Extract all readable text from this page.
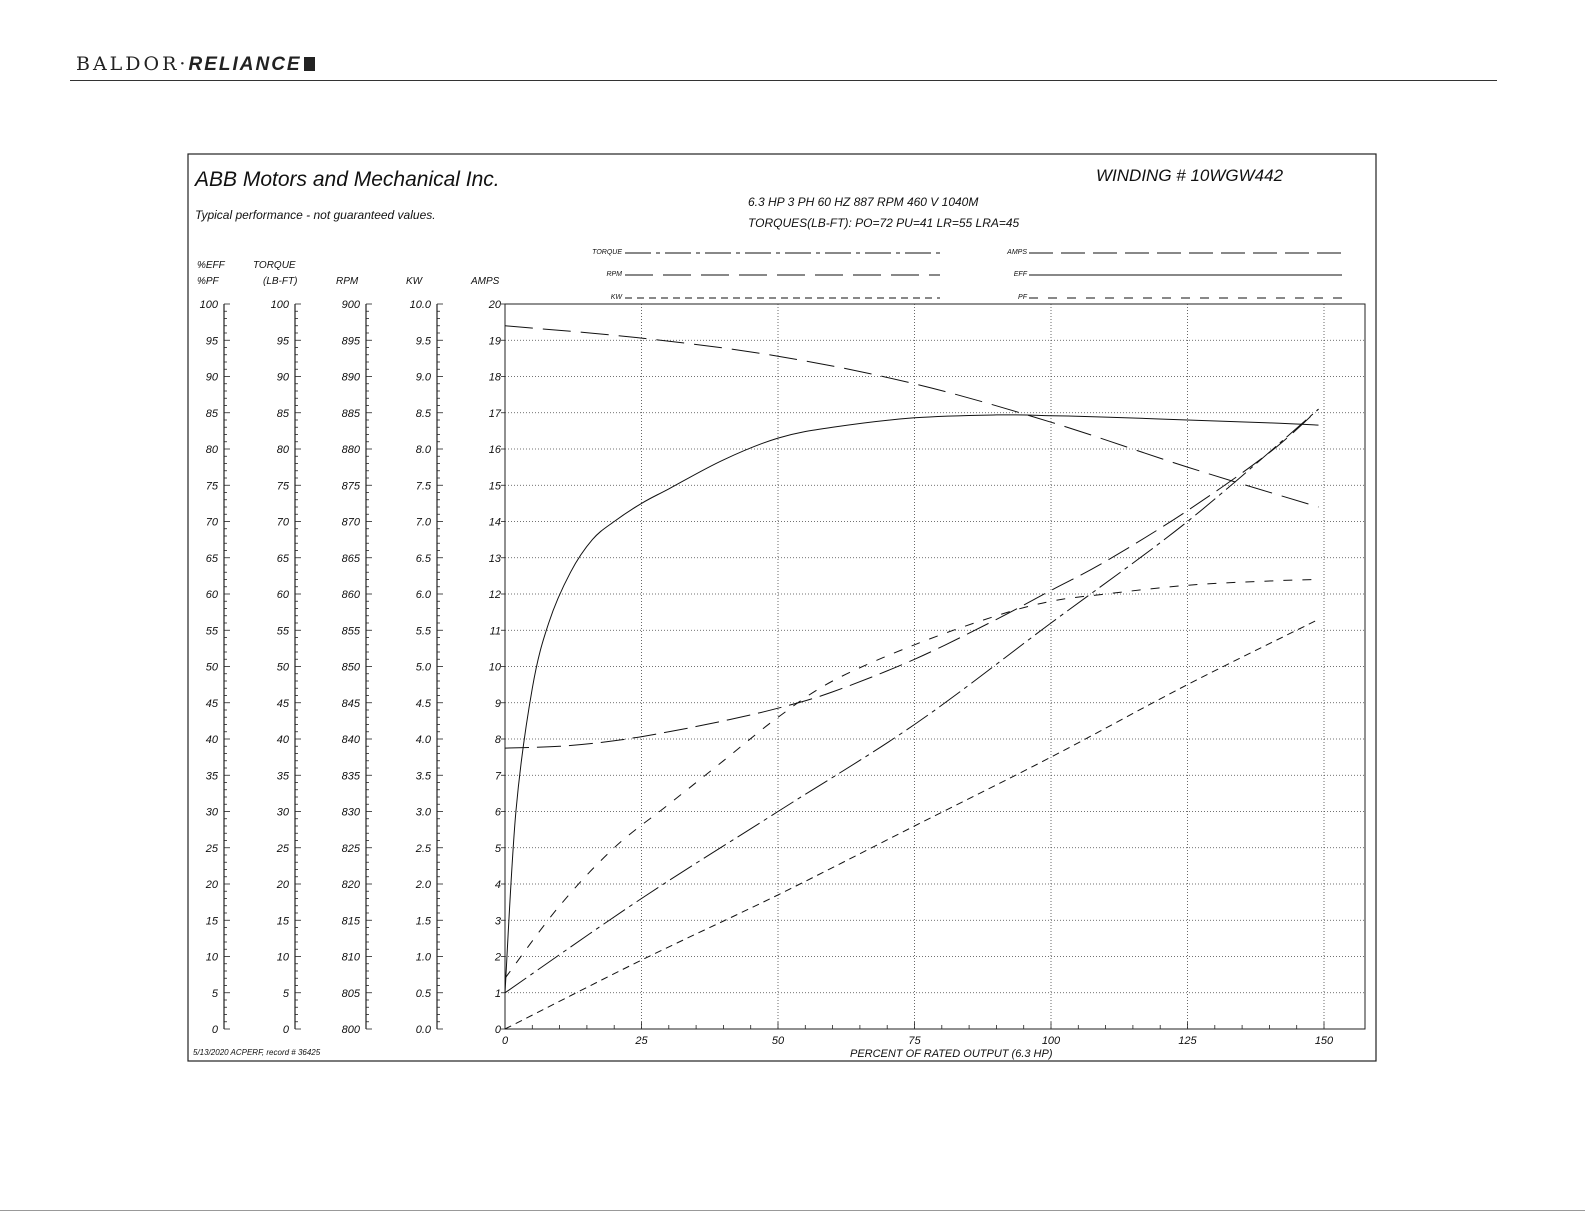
BALDOR·RELIANCE
ABB Motors and Mechanical Inc.
Typical performance - not guaranteed values.
WINDING # 10WGW442
6.3 HP 3 PH 60 HZ 887 RPM 460 V 1040M
TORQUES(LB-FT): PO=72 PU=41 LR=55 LRA=45
TORQUE
RPM
KW
AMPS
EFF
PF
%EFF
%PF
TORQUE
(LB-FT)	RPM	KW	AMPS
0
5
10
15
20
25
30
35
40
45
50
55
60
65
70
75
80
85
90
95
100
0
5
10
15
20
25
30
35
40
45
50
55
60
65
70
75
80
85
90
95
100
800
805
810
815
820
825
830
835
840
845
850
855
860
865
870
875
880
885
890
895
900
0.0
0.5
1.0
1.5
2.0
2.5
3.0
3.5
4.0
4.5
5.0
5.5
6.0
6.5
7.0
7.5
8.0
8.5
9.0
9.5
10.0
0
1
2
3
4
5
6
7
8
9
10
11
12
13
14
15
16
17
18
19
20
0	25	50	75	100	125	150
PERCENT OF RATED OUTPUT (6.3 HP)
5/13/2020 ACPERF, record # 36425
